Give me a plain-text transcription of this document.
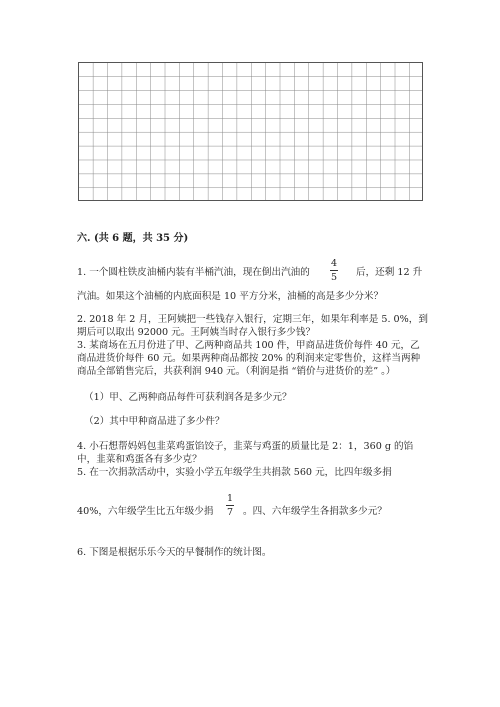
六. (共 6 题，共 35 分)
1. 一个圆柱铁皮油桶内装有半桶汽油，现在倒出汽油的
4
5 后，还剩 12 升
汽油。如果这个油桶的内底面积是 10 平方分米，油桶的高是多少分米？
2. 2018 年 2 月，王阿姨把一些钱存入银行，定期三年，如果年利率是 5. 0%，到
期后可以取出 92000 元。王阿姨当时存入银行多少钱？
3. 某商场在五月份进了甲、乙两种商品共 100 件，甲商品进货价每件 40 元，乙
商品进货价每件 60 元。如果两种商品都按 20% 的利润来定零售价，这样当两种
商品全部销售完后，共获利润 940 元。（利润是指 “销价与进货价的差” 。）
（1）甲、乙两种商品每件可获利润各是多少元？
（2）其中甲种商品进了多少件？
4. 小石想帮妈妈包韭菜鸡蛋馅饺子，韭菜与鸡蛋的质量比是 2：1，360 g 的馅
中，韭菜和鸡蛋各有多少克？
5. 在一次捐款活动中，实验小学五年级学生共捐款 560 元，比四年级多捐
40%，六年级学生比五年级少捐
1
7 。四、六年级学生各捐款多少元？
6. 下图是根据乐乐今天的早餐制作的统计图。
